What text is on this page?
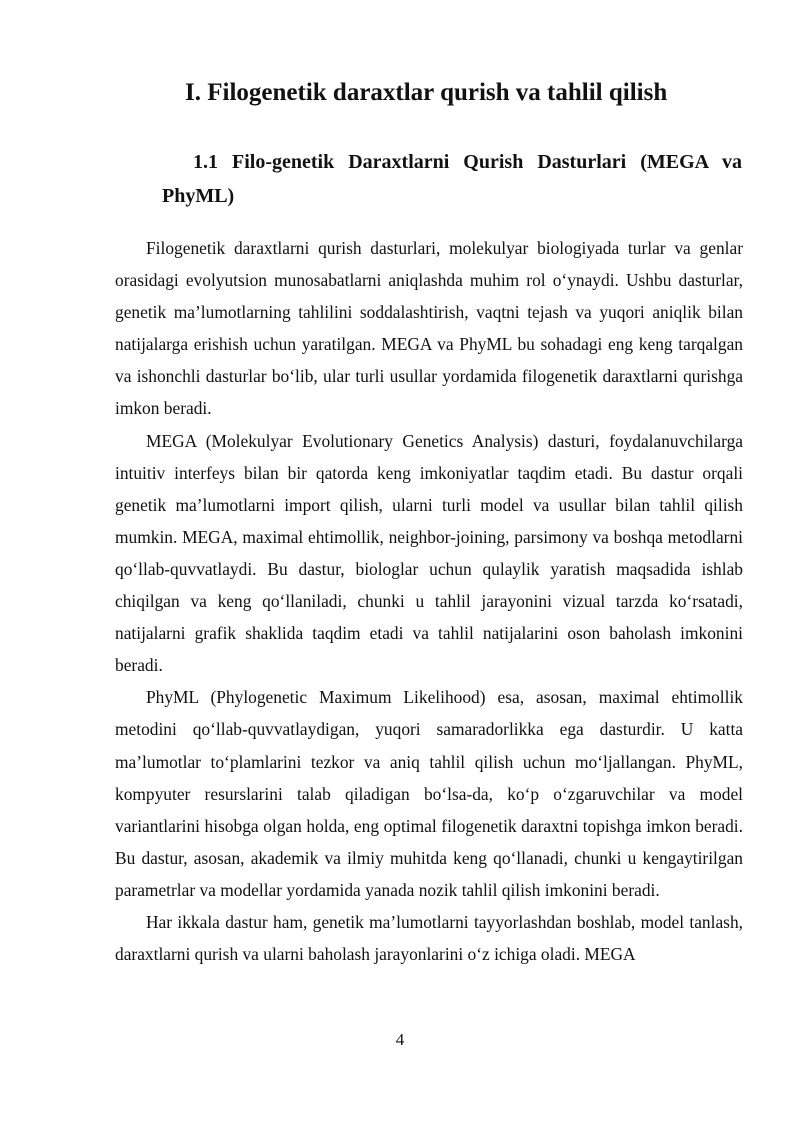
I. Filogenetik daraxtlar qurish va tahlil qilish
1.1 Filo-genetik Daraxtlarni Qurish Dasturlari (MEGA va
PhyML)

Filogenetik daraxtlarni qurish dasturlari, molekulyar biologiyada turlar va genlar orasidagi evolyutsion munosabatlarni aniqlashda muhim rol oʻynaydi. Ushbu dasturlar, genetik maʼlumotlarning tahlilini soddalashtirish, vaqtni tejash va yuqori aniqlik bilan natijalarga erishish uchun yaratilgan. MEGA va PhyML bu sohadagi eng keng tarqalgan va ishonchli dasturlar boʻlib, ular turli usullar yordamida filogenetik daraxtlarni qurishga imkon beradi.

MEGA (Molekulyar Evolutionary Genetics Analysis) dasturi, foydalanuvchilarga intuitiv interfeys bilan bir qatorda keng imkoniyatlar taqdim etadi. Bu dastur orqali genetik maʼlumotlarni import qilish, ularni turli model va usullar bilan tahlil qilish mumkin. MEGA, maximal ehtimollik, neighbor-joining, parsimony va boshqa metodlarni qoʻllab-quvvatlaydi. Bu dastur, biologlar uchun qulaylik yaratish maqsadida ishlab chiqilgan va keng qoʻllaniladi, chunki u tahlil jarayonini vizual tarzda koʻrsatadi, natijalarni grafik shaklida taqdim etadi va tahlil natijalarini oson baholash imkonini beradi.

PhyML (Phylogenetic Maximum Likelihood) esa, asosan, maximal ehtimollik metodini qoʻllab-quvvatlaydigan, yuqori samaradorlikka ega dasturdir. U katta maʼlumotlar toʻplamlarini tezkor va aniq tahlil qilish uchun moʻljallangan. PhyML, kompyuter resurslarini talab qiladigan boʻlsa-da, koʻp oʻzgaruvchilar va model variantlarini hisobga olgan holda, eng optimal filogenetik daraxtni topishga imkon beradi. Bu dastur, asosan, akademik va ilmiy muhitda keng qoʻllanadi, chunki u kengaytirilgan parametrlar va modellar yordamida yanada nozik tahlil qilish imkonini beradi.

Har ikkala dastur ham, genetik maʼlumotlarni tayyorlashdan boshlab, model tanlash, daraxtlarni qurish va ularni baholash jarayonlarini oʻz ichiga oladi. MEGA

4
